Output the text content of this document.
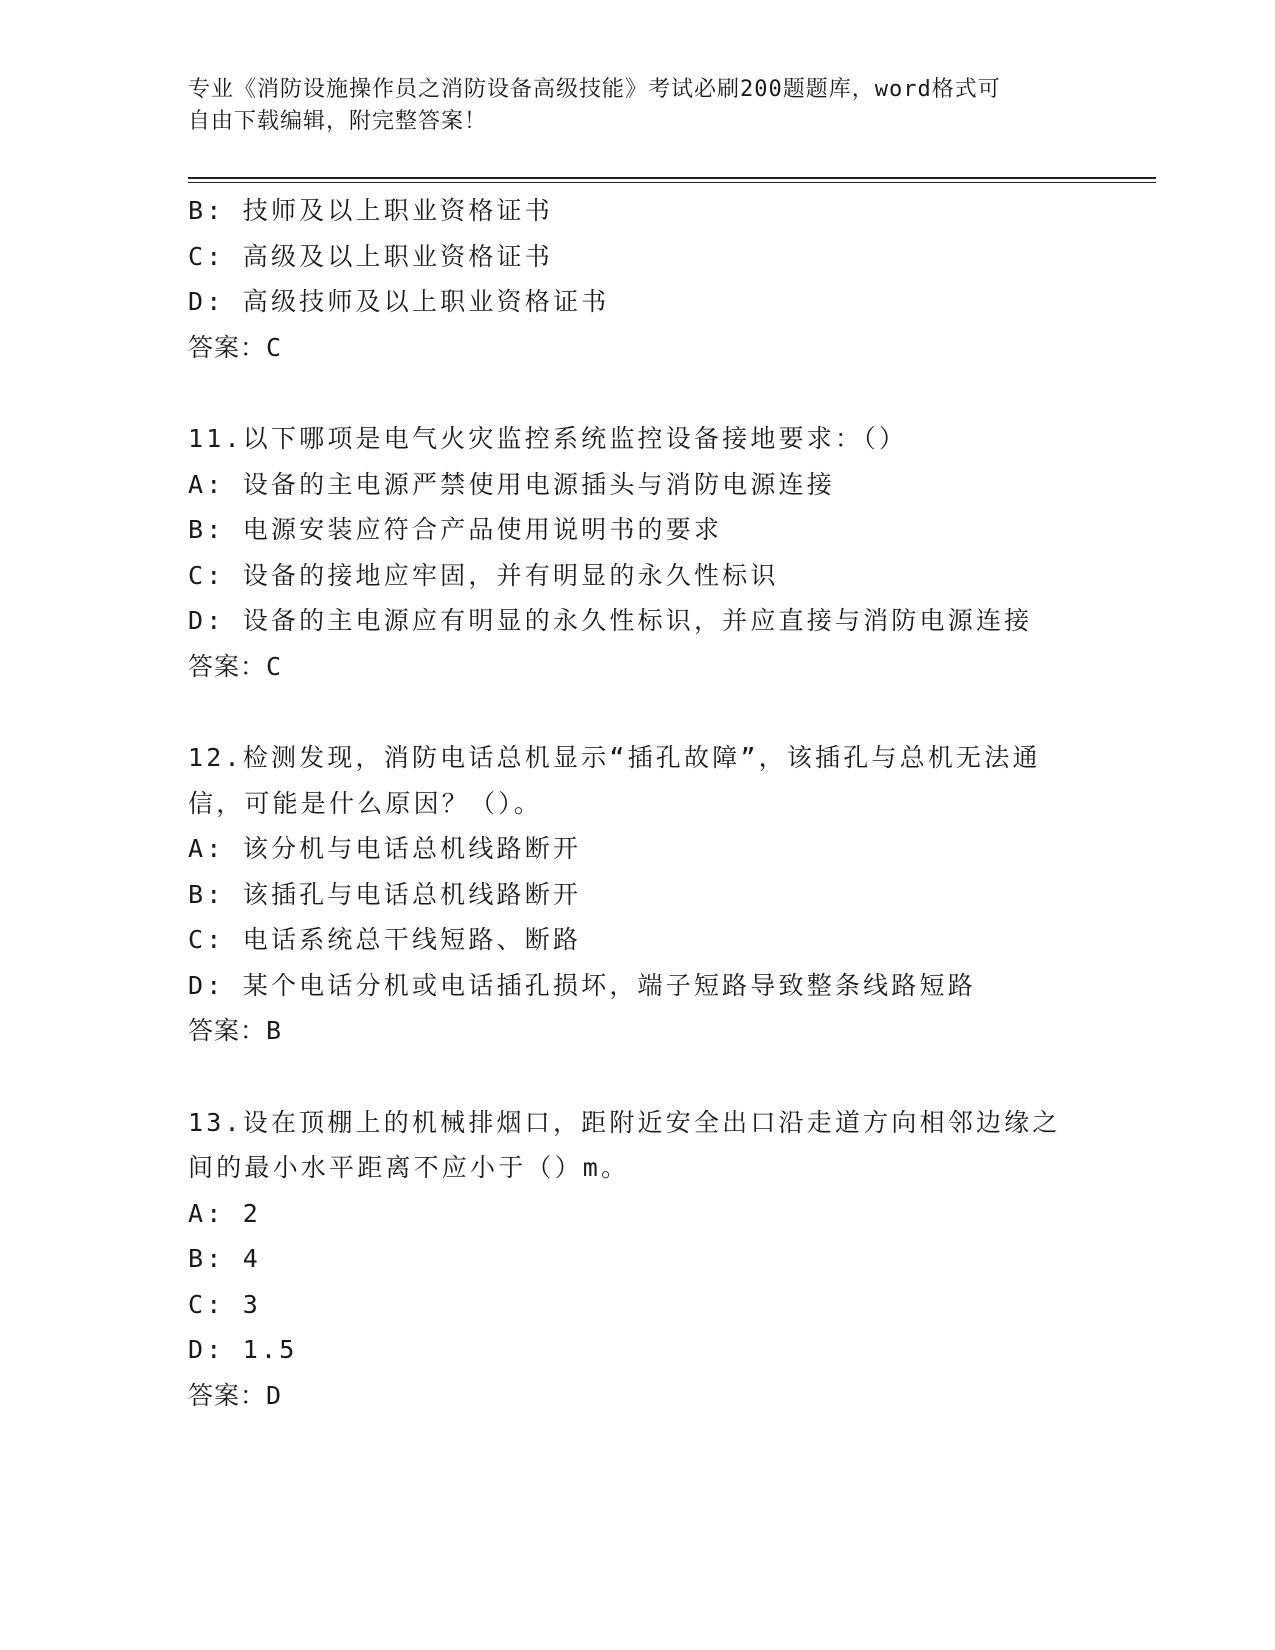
专业《消防设施操作员之消防设备高级技能》考试必刷200题题库，word格式可
自由下载编辑，附完整答案！
B: 技师及以上职业资格证书
C: 高级及以上职业资格证书
D: 高级技师及以上职业资格证书
答案：C
11.以下哪项是电气火灾监控系统监控设备接地要求：（）
A: 设备的主电源严禁使用电源插头与消防电源连接
B: 电源安装应符合产品使用说明书的要求
C: 设备的接地应牢固，并有明显的永久性标识
D: 设备的主电源应有明显的永久性标识，并应直接与消防电源连接
答案：C
12.检测发现，消防电话总机显示“插孔故障”，该插孔与总机无法通
信，可能是什么原因？（）。
A: 该分机与电话总机线路断开
B: 该插孔与电话总机线路断开
C: 电话系统总干线短路、断路
D: 某个电话分机或电话插孔损坏，端子短路导致整条线路短路
答案：B
13.设在顶棚上的机械排烟口，距附近安全出口沿走道方向相邻边缘之
间的最小水平距离不应小于（）m。
A: 2
B: 4
C: 3
D: 1.5
答案：D
